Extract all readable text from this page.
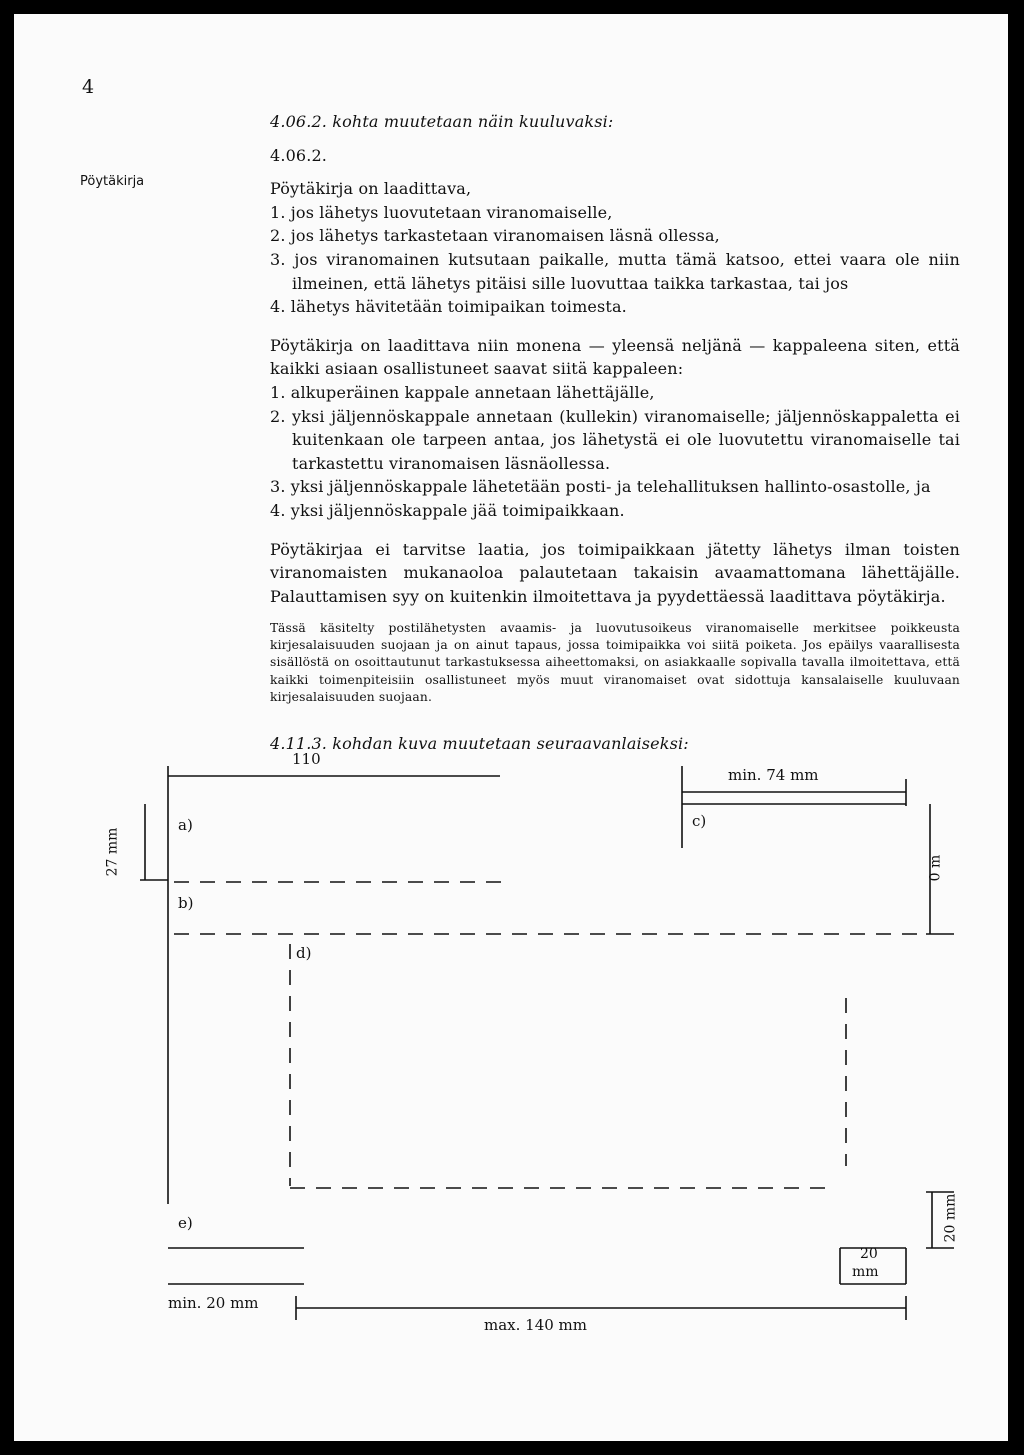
4
Pöytäkirja

4.06.2. kohta muutetaan näin kuuluvaksi:

4.06.2.

Pöytäkirja on laadittava,

1. jos lähetys luovutetaan viranomaiselle,

2. jos lähetys tarkastetaan viranomaisen läsnä ollessa,

3. jos viranomainen kutsutaan paikalle, mutta tämä katsoo, ettei vaara ole niin ilmeinen, että lähetys pitäisi sille luovuttaa taikka tarkastaa, tai jos

4. lähetys hävitetään toimipaikan toimesta.

Pöytäkirja on laadittava niin monena — yleensä neljänä — kappaleena siten, että kaikki asiaan osallistuneet saavat siitä kappaleen:

1. alkuperäinen kappale annetaan lähettäjälle,

2. yksi jäljennöskappale annetaan (kullekin) viranomaiselle; jäljennöskappaletta ei kuitenkaan ole tarpeen antaa, jos lähetystä ei ole luovutettu viranomaiselle tai tarkastettu viranomaisen läsnäollessa.

3. yksi jäljennöskappale lähetetään posti- ja telehallituksen hallinto-osastolle, ja

4. yksi jäljennöskappale jää toimipaikkaan.

Pöytäkirjaa ei tarvitse laatia, jos toimipaikkaan jätetty lähetys ilman toisten viranomaisten mukanaoloa palautetaan takaisin avaamattomana lähettäjälle. Palauttamisen syy on kuitenkin ilmoitettava ja pyydettäessä laadittava pöytäkirja.

Tässä käsitelty postilähetysten avaamis- ja luovutusoikeus viranomaiselle merkitsee poikkeusta kirjesalaisuuden suojaan ja on ainut tapaus, jossa toimipaikka voi siitä poiketa. Jos epäilys vaarallisesta sisällöstä on osoittautunut tarkastuksessa aiheettomaksi, on asiakkaalle sopivalla tavalla ilmoitettava, että kaikki toimenpiteisiin osallistuneet myös muut viranomaiset ovat sidottuja kansalaiselle kuuluvaan kirjesalaisuuden suojaan.

4.11.3. kohdan kuva muutetaan seuraavanlaiseksi:

110
min. 74 mm
27 mm	0 m
a)
b)
c)
d)
e)	20 mm
20
mm
min. 20 mm
max. 140 mm
